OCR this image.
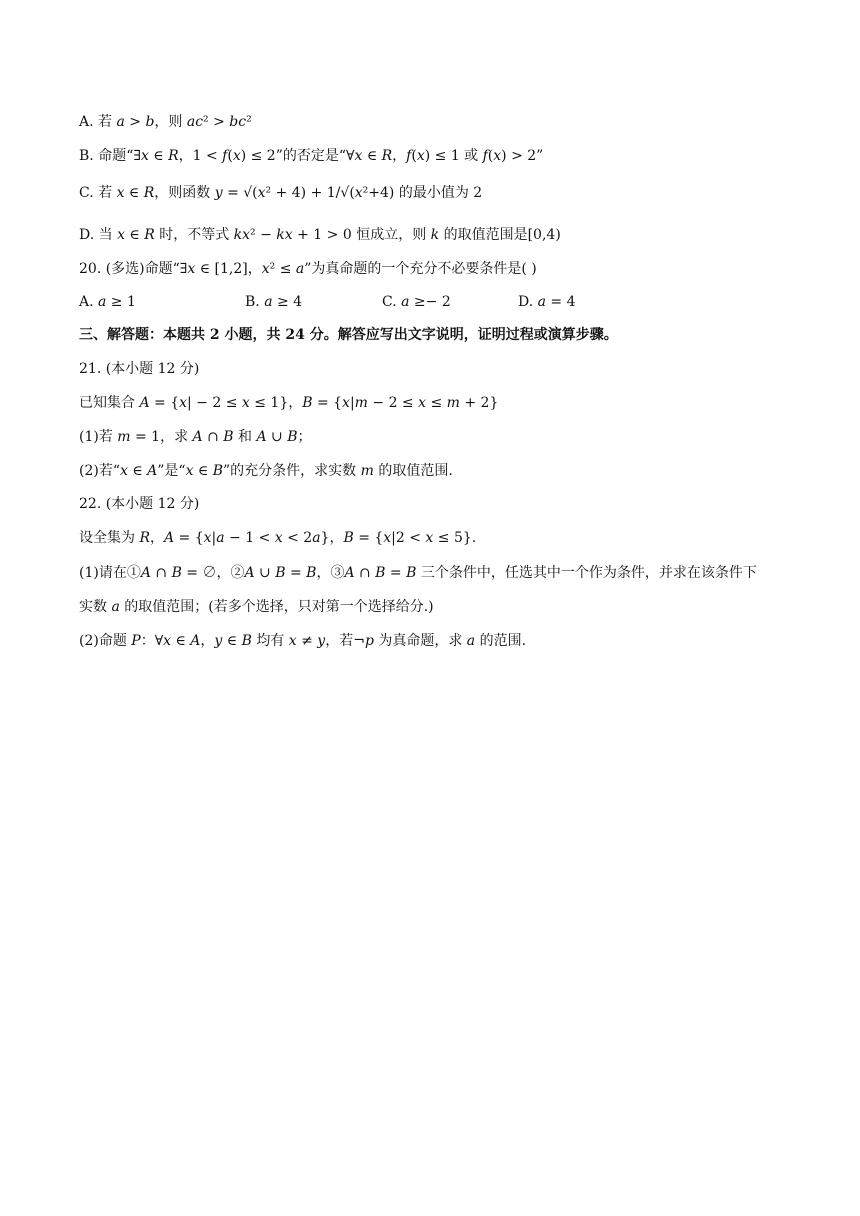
A. 若 𝑎 > 𝑏，则 𝑎𝑐² > 𝑏𝑐²
B. 命题“∃𝑥 ∈ 𝑅，1 < 𝑓(𝑥) ≤ 2”的否定是“∀𝑥 ∈ 𝑅，𝑓(𝑥) ≤ 1 或 𝑓(𝑥) > 2”
C. 若 𝑥 ∈ 𝑅，则函数 𝑦 = √(𝑥² + 4) + 1/√(𝑥²+4) 的最小值为 2
D. 当 𝑥 ∈ 𝑅 时，不等式 𝑘𝑥² − 𝑘𝑥 + 1 > 0 恒成立，则 𝑘 的取值范围是[0,4)
20. (多选)命题“∃𝑥 ∈ [1,2]，𝑥² ≤ 𝑎”为真命题的一个充分不必要条件是( )
A. 𝑎 ≥ 1	B. 𝑎 ≥ 4	C. 𝑎 ≥− 2	D. 𝑎 = 4
三、解答题：本题共 2 小题，共 24 分。解答应写出文字说明，证明过程或演算步骤。
21. (本小题 12 分)
已知集合 𝐴 = {𝑥| − 2 ≤ 𝑥 ≤ 1}，𝐵 = {𝑥|𝑚 − 2 ≤ 𝑥 ≤ 𝑚 + 2}
(1)若 𝑚 = 1，求 𝐴 ∩ 𝐵 和 𝐴 ∪ 𝐵；
(2)若“𝑥 ∈ 𝐴”是“𝑥 ∈ 𝐵”的充分条件，求实数 𝑚 的取值范围.
22. (本小题 12 分)
设全集为 𝑅，𝐴 = {𝑥|𝑎 − 1 < 𝑥 < 2𝑎}，𝐵 = {𝑥|2 < 𝑥 ≤ 5}.
(1)请在①𝐴 ∩ 𝐵 = ∅，②𝐴 ∪ 𝐵 = 𝐵，③𝐴 ∩ 𝐵 = 𝐵 三个条件中，任选其中一个作为条件，并求在该条件下
实数 𝑎 的取值范围；(若多个选择，只对第一个选择给分.)
(2)命题 𝑃：∀𝑥 ∈ 𝐴，𝑦 ∈ 𝐵 均有 𝑥 ≠ 𝑦，若¬𝑝 为真命题，求 𝑎 的范围.
